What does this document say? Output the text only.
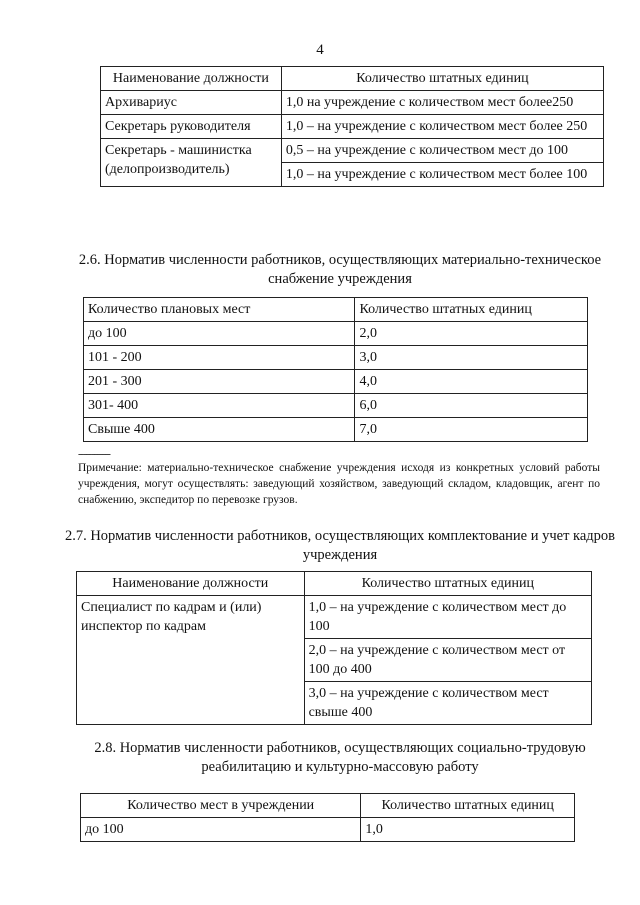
4
Наименование должности	Количество штатных единиц
Архивариус	1,0 на учреждение с количеством мест более250
Секретарь руководителя	1,0 – на учреждение с количеством мест более 250
Секретарь - машинистка (делопроизводитель)	0,5 – на учреждение с количеством мест до 100
	1,0 – на учреждение с количеством мест более 100
2.6. Норматив численности работников, осуществляющих материально-техническое снабжение учреждения
Количество плановых мест	Количество штатных единиц
до 100	2,0
101 - 200	3,0
201 - 300	4,0
301- 400	6,0
Свыше 400	7,0
------------
Примечание: материально-техническое снабжение учреждения исходя из конкретных условий работы учреждения, могут осуществлять: заведующий хозяйством, заведующий складом, кладовщик, агент по снабжению, экспедитор по перевозке грузов.
2.7. Норматив численности работников, осуществляющих комплектование и учет кадров учреждения
Наименование должности	Количество штатных единиц
Специалист по кадрам и (или) инспектор по кадрам	1,0 – на учреждение с количеством мест до 100
	2,0 – на учреждение с количеством мест от 100 до 400
	3,0 – на учреждение с количеством мест свыше 400
2.8. Норматив численности работников, осуществляющих социально-трудовую реабилитацию и культурно-массовую работу
Количество мест в учреждении	Количество штатных единиц
до 100	1,0
